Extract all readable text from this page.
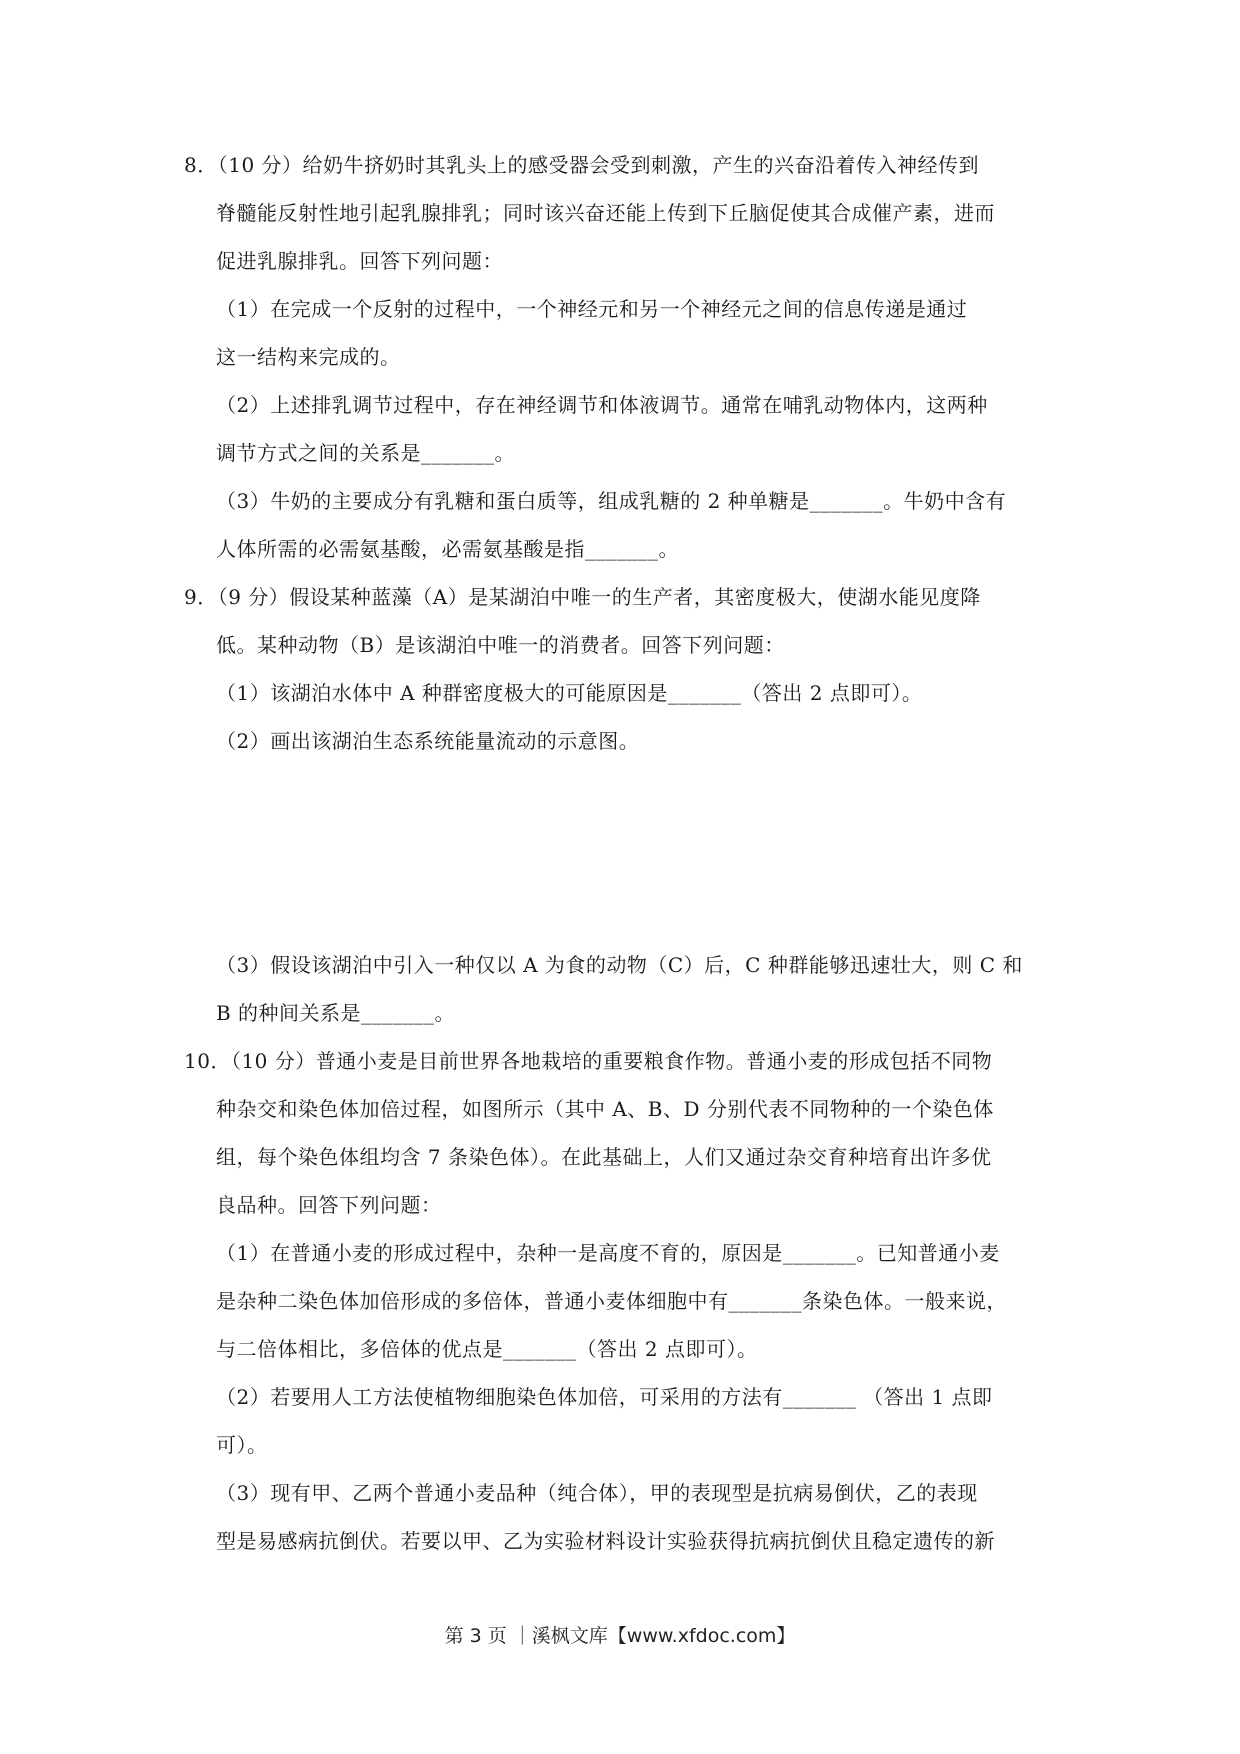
8．（10 分）给奶牛挤奶时其乳头上的感受器会受到刺激，产生的兴奋沿着传入神经传到
脊髓能反射性地引起乳腺排乳；同时该兴奋还能上传到下丘脑促使其合成催产素，进而
促进乳腺排乳。回答下列问题：
（1）在完成一个反射的过程中，一个神经元和另一个神经元之间的信息传递是通过
这一结构来完成的。
（2）上述排乳调节过程中，存在神经调节和体液调节。通常在哺乳动物体内，这两种
调节方式之间的关系是_______。
（3）牛奶的主要成分有乳糖和蛋白质等，组成乳糖的 2 种单糖是_______。牛奶中含有
人体所需的必需氨基酸，必需氨基酸是指_______。
9．（9 分）假设某种蓝藻（A）是某湖泊中唯一的生产者，其密度极大，使湖水能见度降
低。某种动物（B）是该湖泊中唯一的消费者。回答下列问题：
（1）该湖泊水体中 A 种群密度极大的可能原因是_______（答出 2 点即可）。
（2）画出该湖泊生态系统能量流动的示意图。
（3）假设该湖泊中引入一种仅以 A 为食的动物（C）后，C 种群能够迅速壮大，则 C 和
B 的种间关系是_______。
10．（10 分）普通小麦是目前世界各地栽培的重要粮食作物。普通小麦的形成包括不同物
种杂交和染色体加倍过程，如图所示（其中 A、B、D 分别代表不同物种的一个染色体
组，每个染色体组均含 7 条染色体）。在此基础上，人们又通过杂交育种培育出许多优
良品种。回答下列问题：
（1）在普通小麦的形成过程中，杂种一是高度不育的，原因是_______。已知普通小麦
是杂种二染色体加倍形成的多倍体，普通小麦体细胞中有_______条染色体。一般来说，
与二倍体相比，多倍体的优点是_______（答出 2 点即可）。
（2）若要用人工方法使植物细胞染色体加倍，可采用的方法有_______ （答出 1 点即
可）。
（3）现有甲、乙两个普通小麦品种（纯合体），甲的表现型是抗病易倒伏，乙的表现
型是易感病抗倒伏。若要以甲、乙为实验材料设计实验获得抗病抗倒伏且稳定遗传的新
第 3 页 ｜溪枫文库【www.xfdoc.com】
